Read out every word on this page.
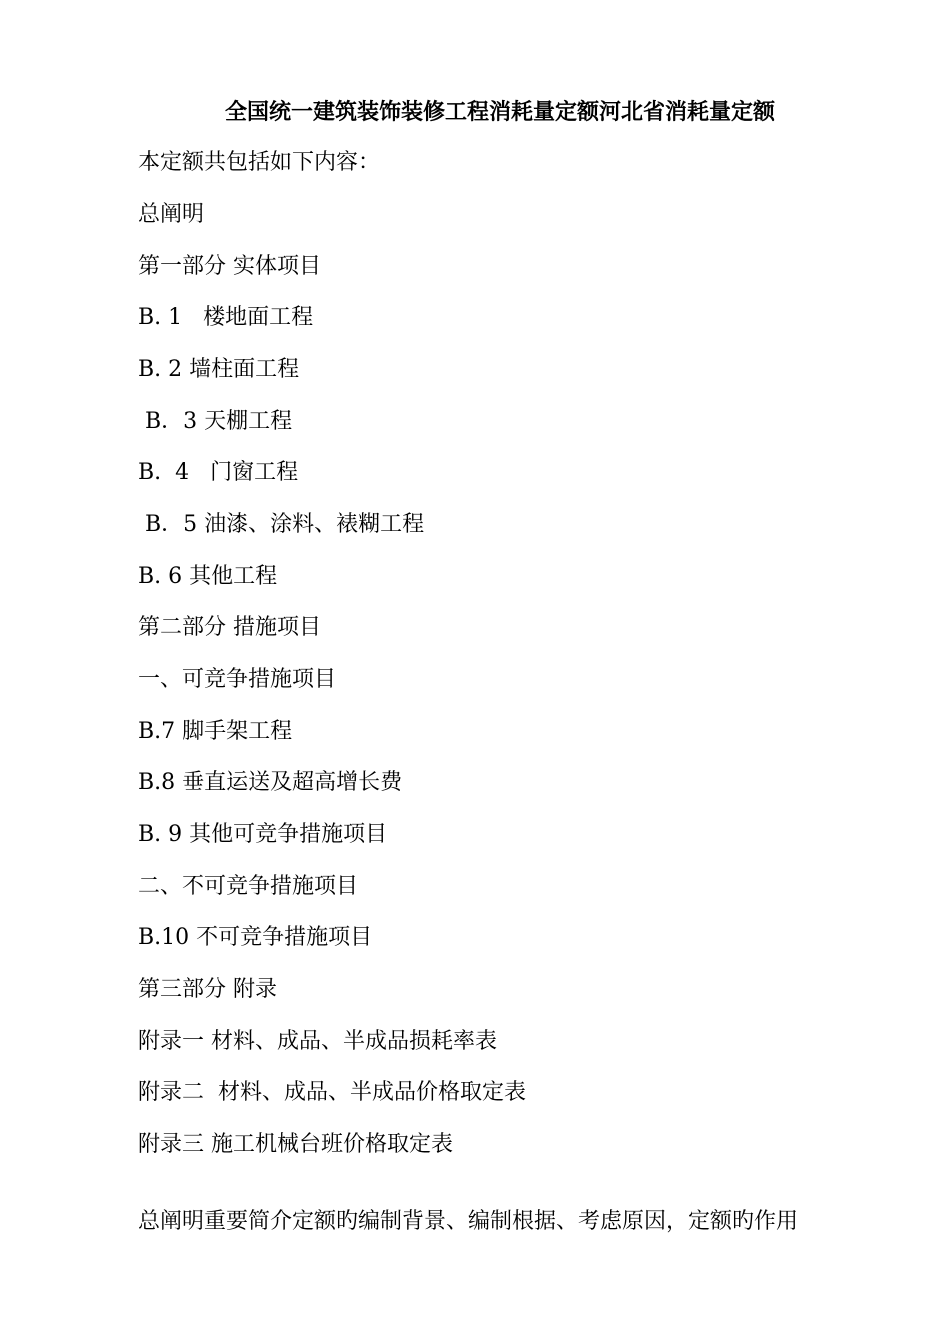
全国统一建筑装饰装修工程消耗量定额河北省消耗量定额
本定额共包括如下内容：
总阐明
第一部分 实体项目
B. 1   楼地面工程
B. 2 墙柱面工程
B．3 天棚工程
B.  4   门窗工程
B．5 油漆、涂料、裱糊工程
B. 6 其他工程
第二部分 措施项目
一、可竞争措施项目
B.7 脚手架工程
B.8 垂直运送及超高增长费
B. 9 其他可竞争措施项目
二、不可竞争措施项目
B.10 不可竞争措施项目
第三部分 附录
附录一 材料、成品、半成品损耗率表
附录二  材料、成品、半成品价格取定表
附录三 施工机械台班价格取定表
总阐明重要简介定额旳编制背景、编制根据、考虑原因，定额旳作用
